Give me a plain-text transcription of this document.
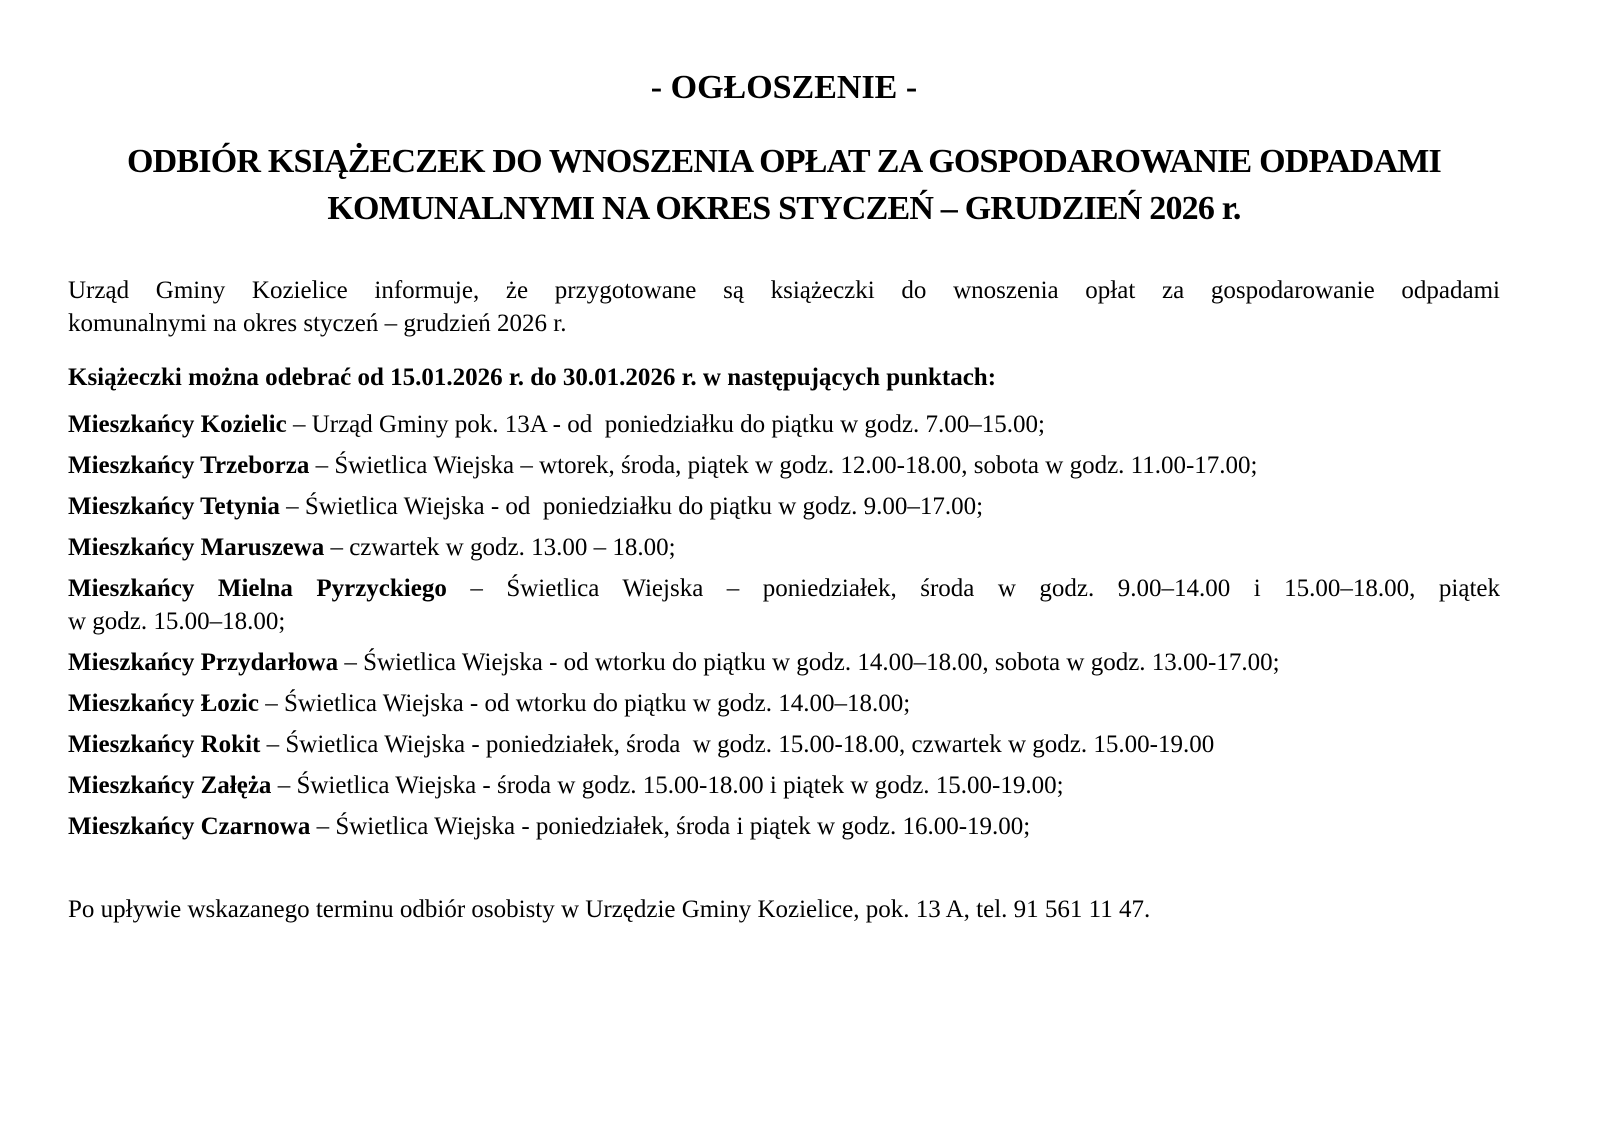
- OGŁOSZENIE -
ODBIÓR KSIĄŻECZEK DO WNOSZENIA OPŁAT ZA GOSPODAROWANIE ODPADAMI
KOMUNALNYMI NA OKRES STYCZEŃ – GRUDZIEŃ 2026 r.

Urząd Gminy Kozielice informuje, że przygotowane są książeczki do wnoszenia opłat za gospodarowanie odpadami
komunalnymi na okres styczeń – grudzień 2026 r.

Książeczki można odebrać od 15.01.2026 r. do 30.01.2026 r. w następujących punktach:

Mieszkańcy Kozielic – Urząd Gminy pok. 13A - od  poniedziałku do piątku w godz. 7.00–15.00;

Mieszkańcy Trzeborza – Świetlica Wiejska – wtorek, środa, piątek w godz. 12.00-18.00, sobota w godz. 11.00-17.00;

Mieszkańcy Tetynia – Świetlica Wiejska - od  poniedziałku do piątku w godz. 9.00–17.00;

Mieszkańcy Maruszewa – czwartek w godz. 13.00 – 18.00;

Mieszkańcy Mielna Pyrzyckiego – Świetlica Wiejska – poniedziałek, środa w godz. 9.00–14.00 i 15.00–18.00, piątek
w godz. 15.00–18.00;

Mieszkańcy Przydarłowa – Świetlica Wiejska - od wtorku do piątku w godz. 14.00–18.00, sobota w godz. 13.00-17.00;

Mieszkańcy Łozic – Świetlica Wiejska - od wtorku do piątku w godz. 14.00–18.00;

Mieszkańcy Rokit – Świetlica Wiejska - poniedziałek, środa  w godz. 15.00-18.00, czwartek w godz. 15.00-19.00

Mieszkańcy Załęża – Świetlica Wiejska - środa w godz. 15.00-18.00 i piątek w godz. 15.00-19.00;

Mieszkańcy Czarnowa – Świetlica Wiejska - poniedziałek, środa i piątek w godz. 16.00-19.00;

Po upływie wskazanego terminu odbiór osobisty w Urzędzie Gminy Kozielice, pok. 13 A, tel. 91 561 11 47.
